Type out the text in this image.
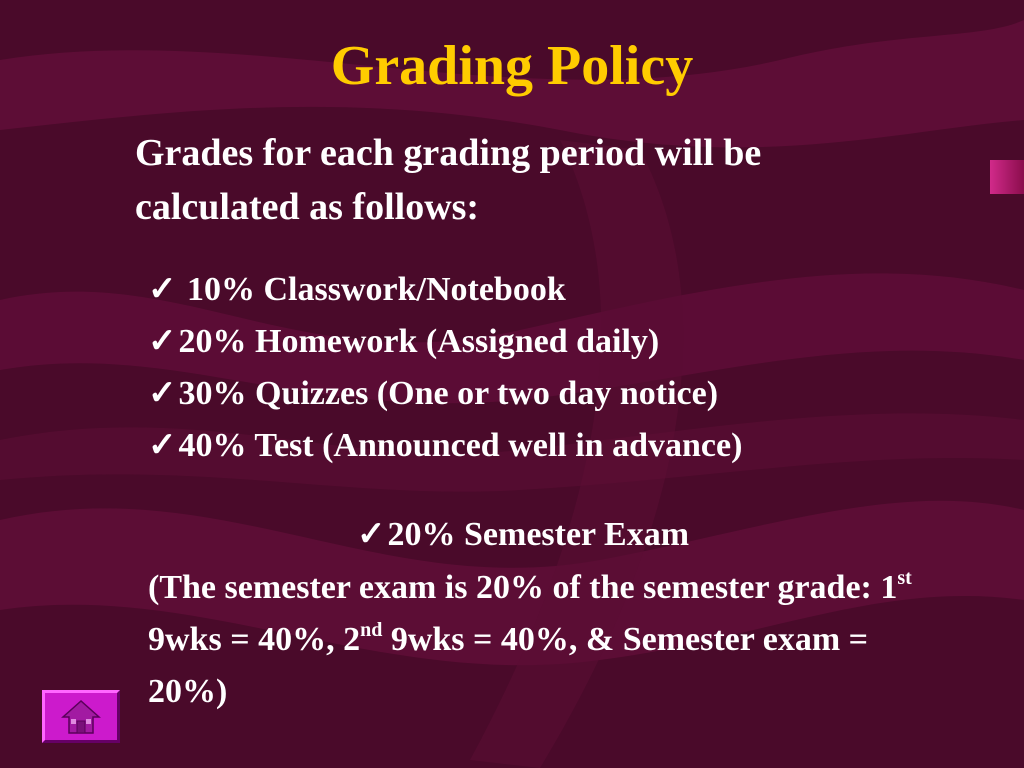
Grading Policy
Grades for each grading period will be calculated as follows:
✓ 10% Classwork/Notebook
✓20% Homework (Assigned daily)
✓30% Quizzes (One or two day notice)
✓40% Test (Announced well in advance)
✓20% Semester Exam
(The semester exam is 20% of the semester grade: 1st 9wks = 40%, 2nd 9wks = 40%, & Semester exam = 20%)
